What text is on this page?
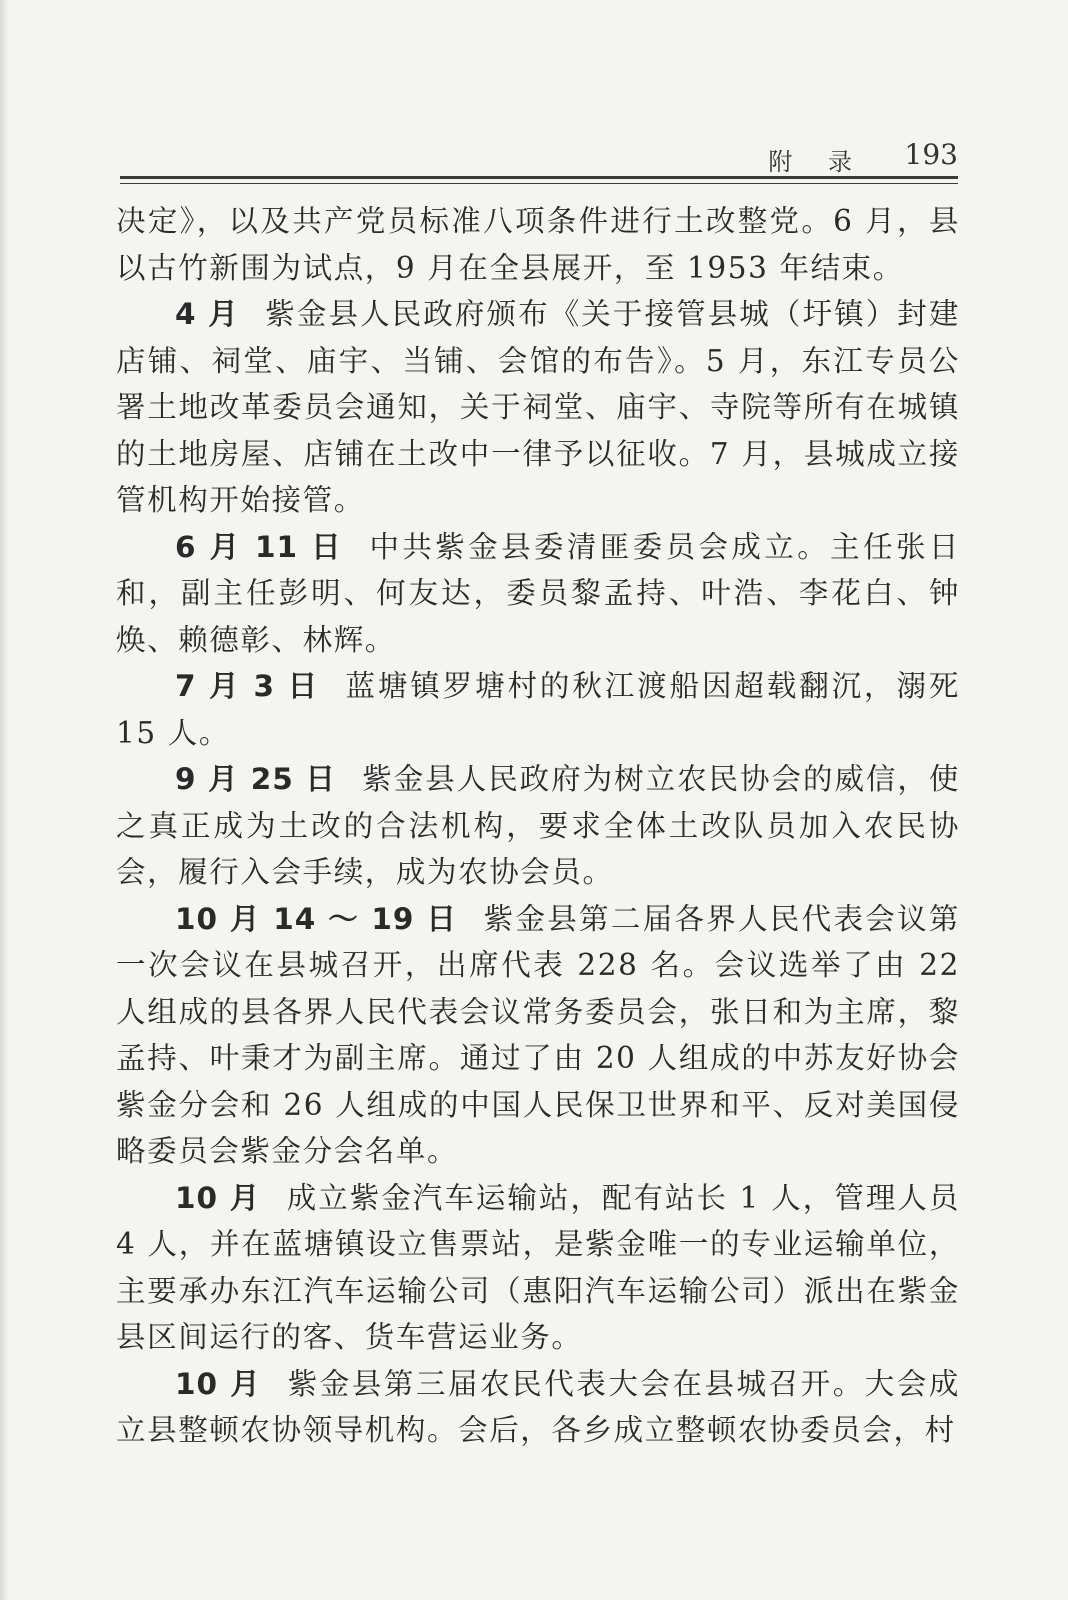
附 录 193

决定》，以及共产党员标准八项条件进行土改整党。6 月，县以古竹新围为试点，9 月在全县展开，至 1953 年结束。

4 月 紫金县人民政府颁布《关于接管县城（圩镇）封建店铺、祠堂、庙宇、当铺、会馆的布告》。5 月，东江专员公署土地改革委员会通知，关于祠堂、庙宇、寺院等所有在城镇的土地房屋、店铺在土改中一律予以征收。7 月，县城成立接管机构开始接管。

6 月 11 日 中共紫金县委清匪委员会成立。主任张日和，副主任彭明、何友达，委员黎孟持、叶浩、李花白、钟焕、赖德彰、林辉。

7 月 3 日 蓝塘镇罗塘村的秋江渡船因超载翻沉，溺死 15 人。

9 月 25 日 紫金县人民政府为树立农民协会的威信，使之真正成为土改的合法机构，要求全体土改队员加入农民协会，履行入会手续，成为农协会员。

10 月 14 ～ 19 日 紫金县第二届各界人民代表会议第一次会议在县城召开，出席代表 228 名。会议选举了由 22 人组成的县各界人民代表会议常务委员会，张日和为主席，黎孟持、叶秉才为副主席。通过了由 20 人组成的中苏友好协会紫金分会和 26 人组成的中国人民保卫世界和平、反对美国侵略委员会紫金分会名单。

10 月 成立紫金汽车运输站，配有站长 1 人，管理人员 4 人，并在蓝塘镇设立售票站，是紫金唯一的专业运输单位，主要承办东江汽车运输公司（惠阳汽车运输公司）派出在紫金县区间运行的客、货车营运业务。

10 月 紫金县第三届农民代表大会在县城召开。大会成立县整顿农协领导机构。会后，各乡成立整顿农协委员会，村
